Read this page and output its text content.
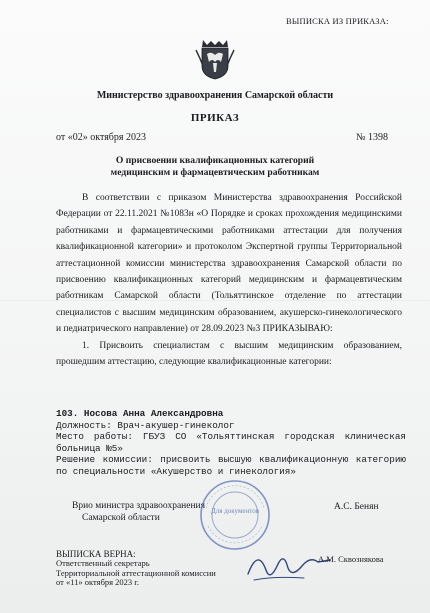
ВЫПИСКА ИЗ ПРИКАЗА:
Министерство здравоохранения Самарской области
ПРИКАЗ
от «02» октября 2023	№ 1398
О присвоении квалификационных категорий
медицинским и фармацевтическим работникам

В соответствии с приказом Министерства здравоохранения Российской Федерации от 22.11.2021 №1083н «О Порядке и сроках прохождения медицинскими работниками и фармацевтическими работниками аттестации для получения квалификационной категории» и протоколом Экспертной группы Территориальной аттестационной комиссии министерства здравоохранения Самарской области по присвоению квалификационных категорий медицинским и фармацевтическим работникам Самарской области (Тольяттинское отделение по аттестации специалистов с высшим медицинским образованием, акушерско-гинекологического и педиатрического направление) от 28.09.2023 №3 ПРИКАЗЫВАЮ:

1. Присвоить специалистам с высшим медицинским образованием, прошедшим аттестацию, следующие квалификационные категории:

103. Носова Анна Александровна
Должность: Врач-акушер-гинеколог
Место работы: ГБУЗ СО «Тольяттинская городская клиническая больница №5»
Решение комиссии: присвоить высшую квалификационную категорию по специальности «Акушерство и гинекология»
Врио министра здравоохранения
Самарской области
А.С. Бенян
Для документов
ВЫПИСКА ВЕРНА:
Ответственный секретарь
Территориальной аттестационной комиссии
от «11» октября 2023 г.
А.М. Сквознякова
